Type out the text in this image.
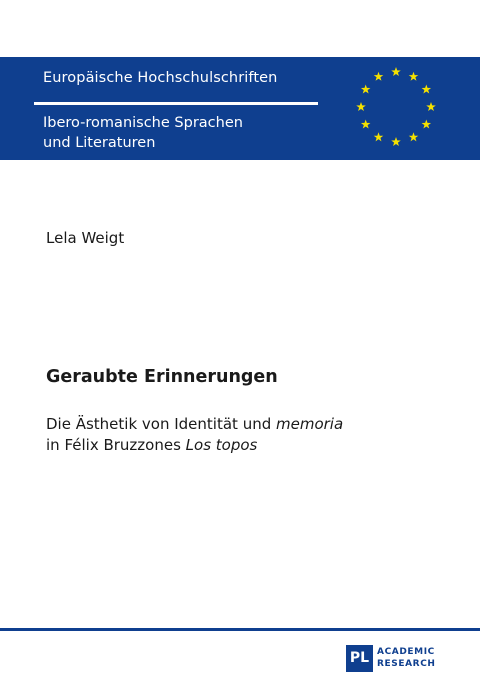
Europäische Hochschulschriften
Ibero-romanische Sprachen
und Literaturen
Lela Weigt
Geraubte Erinnerungen
Die Ästhetik von Identität und memoria
in Félix Bruzzones Los topos
PL ACADEMIC
RESEARCH
